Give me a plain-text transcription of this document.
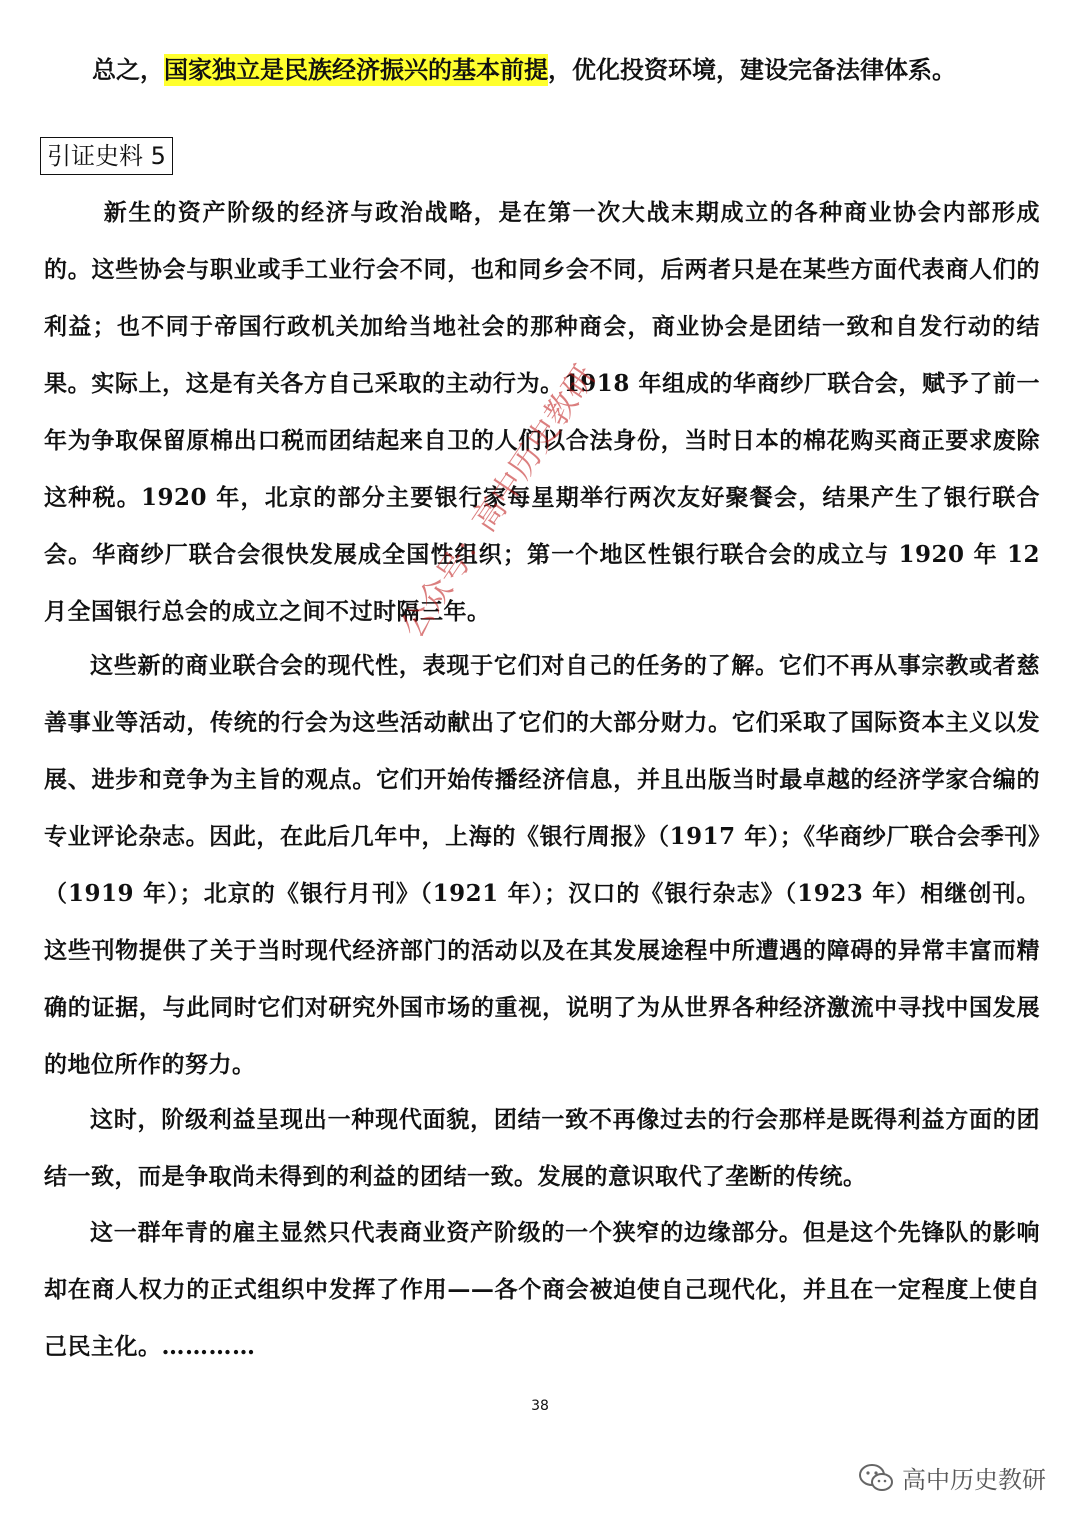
总之，国家独立是民族经济振兴的基本前提，优化投资环境，建设完备法律体系。
引证史料 5

新生的资产阶级的经济与政治战略，是在第一次大战末期成立的各种商业协会内部形成的。这些协会与职业或手工业行会不同，也和同乡会不同，后两者只是在某些方面代表商人们的利益；也不同于帝国行政机关加给当地社会的那种商会，商业协会是团结一致和自发行动的结果。实际上，这是有关各方自己采取的主动行为。1918 年组成的华商纱厂联合会，赋予了前一年为争取保留原棉出口税而团结起来自卫的人们以合法身份，当时日本的棉花购买商正要求废除这种税。1920 年，北京的部分主要银行家每星期举行两次友好聚餐会，结果产生了银行联合会。华商纱厂联合会很快发展成全国性组织；第一个地区性银行联合会的成立与 1920 年 12 月全国银行总会的成立之间不过时隔三年。

这些新的商业联合会的现代性，表现于它们对自己的任务的了解。它们不再从事宗教或者慈善事业等活动，传统的行会为这些活动献出了它们的大部分财力。它们采取了国际资本主义以发展、进步和竞争为主旨的观点。它们开始传播经济信息，并且出版当时最卓越的经济学家合编的专业评论杂志。因此，在此后几年中，上海的《银行周报》（1917 年）；《华商纱厂联合会季刊》（1919 年）；北京的《银行月刊》（1921 年）；汉口的《银行杂志》（1923 年）相继创刊。这些刊物提供了关于当时现代经济部门的活动以及在其发展途程中所遭遇的障碍的异常丰富而精确的证据，与此同时它们对研究外国市场的重视，说明了为从世界各种经济激流中寻找中国发展的地位所作的努力。

这时，阶级利益呈现出一种现代面貌，团结一致不再像过去的行会那样是既得利益方面的团结一致，而是争取尚未得到的利益的团结一致。发展的意识取代了垄断的传统。

这一群年青的雇主显然只代表商业资产阶级的一个狭窄的边缘部分。但是这个先锋队的影响却在商人权力的正式组织中发挥了作用——各个商会被迫使自己现代化，并且在一定程度上使自己民主化。…………

38
公众号：高中历史教研
高中历史教研
